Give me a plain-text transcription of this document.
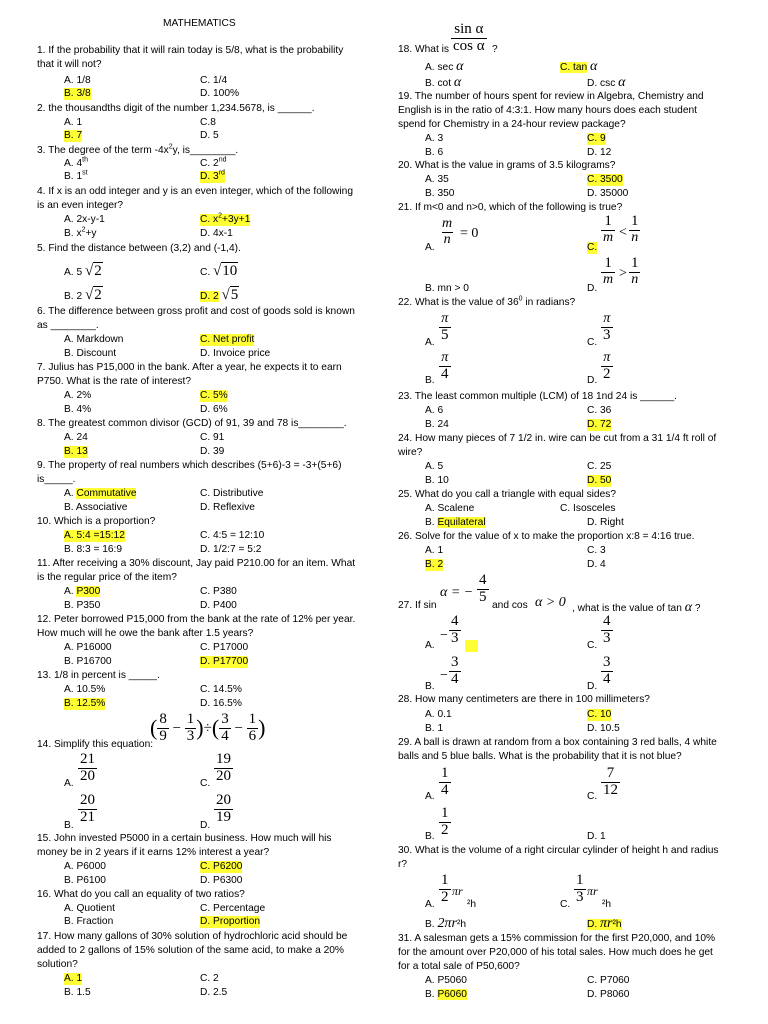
MATHEMATICS
1. If the probability that it will rain today is 5/8, what is the probability
that it will not?
A. 1/8	C. 1/4
B. 3/8	D. 100%
2. the thousandths digit of the number 1,234.5678, is ______.
A. 1	C.8
B. 7	D. 5
3. The degree of the term $-4x^2y$, is________.
A. 4th	C. 2nd
B. 1st	D. 3rd
4. If x is an odd integer and y is an even integer, which of the following
is an even integer?
A. 2x-y-1	C. $x^2+3y+1$
B. $x^2+y$	D. 4x-1
5. Find the distance between (3,2) and (-1,4).
A. 5 √2	C. √10
B. 2 √2	D. 2 √5
6. The difference between gross profit and cost of goods sold is known
as ________.
A. Markdown	C. Net profit
B. Discount	D. Invoice price
7. Julius has P15,000 in the bank. After a year, he expects it to earn
P750. What is the rate of interest?
A. 2%	C. 5%
B. 4%	D. 6%
8. The greatest common divisor (GCD) of 91, 39 and 78 is________.
A. 24	C. 91
B. 13	D. 39
9. The property of real numbers which describes (5+6)-3 = -3+(5+6)
is_____.
A. Commutative	C. Distributive
B. Associative	D. Reflexive
10. Which is a proportion?
A. 5:4 =15:12	C. 4:5 = 12:10
B. 8:3 = 16:9	D. 1/2:7 = 5:2
11. After receiving a 30% discount, Jay paid P210.00 for an item. What
is the regular price of the item?
A. P300	C. P380
B. P350	D. P400
12. Peter borrowed P15,000 from the bank at the rate of 12% per year.
How much will he owe the bank after 1.5 years?
A. P16000	C. P17000
B. P16700	D. P17700
13. 1/8 in percent is _____.
A. 10.5%	C. 14.5%
B. 12.5%	D. 16.5%
14. Simplify this equation:
( $\frac{8}{9} - \frac{1}{3}$ )÷( $\frac{3}{4} - \frac{1}{6}$ )
A.
21
20	C.
19
20
B.
20
21
D.
20
19
15. John invested P5000 in a certain business. How much will his
money be in 2 years if it earns 12% interest a year?
A. P6000	C. P6200
B. P6100	D. P6300
16. What do you call an equality of two ratios?
A. Quotient	C. Percentage
B. Fraction	D. Proportion
17. How many gallons of 30% solution of hydrochloric acid should be
added to 2 gallons of 15% solution of the same acid, to make a 20%
solution?
A. 1	C. 2
B. 1.5	D. 2.5
sin α
cos α
18. What is	?
A. sec α	C. tan α
B. cot α	D. csc α
19. The number of hours spent for review in Algebra, Chemistry and
English is in the ratio of 4:3:1. How many hours does each student
spend for Chemistry in a 24-hour review package?
A. 3	C. 9
B. 6	D. 12
20. What is the value in grams of 3.5 kilograms?
A. 35	C. 3500
B. 350	D. 35000
21. If m<0 and n>0, which of the following is true?
A.
m
n = 0
C.
1
m <
1
n
B. mn > 0	D.
1
m >
1
n
22. What is the value of $36^0$ in radians?
A.
π
5	C.
π
3
B.
π
4	D.
π
2
23. The least common multiple (LCM) of 18 1nd 24 is ______.
A. 6	C. 36
B. 24	D. 72
24. How many pieces of 7 1/2 in. wire can be cut from a 31 1/4 ft roll of
wire?
A. 5	C. 25
B. 10	D. 50
25. What do you call a triangle with equal sides?
A. Scalene	C. Isosceles
B. Equilateral	D. Right
26. Solve for the value of x to make the proportion x:8 = 4:16 true.
A. 1	C. 3
B. 2	D. 4
α = −
4
5
27. If sin	and cos α > 0 , what is the value of tan α ?
A.
−
4
3	C.
4
3
B.
−
3
4	D.
3
4
28. How many centimeters are there in 100 millimeters?
A. 0.1	C. 10
B. 1	D. 10.5
29. A ball is drawn at random from a box containing 3 red balls, 4 white
balls and 5 blue balls. What is the probability that it is not blue?
A.
1
4	C.
7
12
B.
1
2	D. 1
30. What is the volume of a right circular cylinder of height h and radius
r?
A.
1
2 πr
²h	C.
1
3 πr
²h
B. 2πr²h	D. πr²h
31. A salesman gets a 15% commission for the first P20,000, and 10%
for the amount over P20,000 of his total sales. How much does he get
for a total sale of P50,600?
A. P5060	C. P7060
B. P6060	D. P8060
